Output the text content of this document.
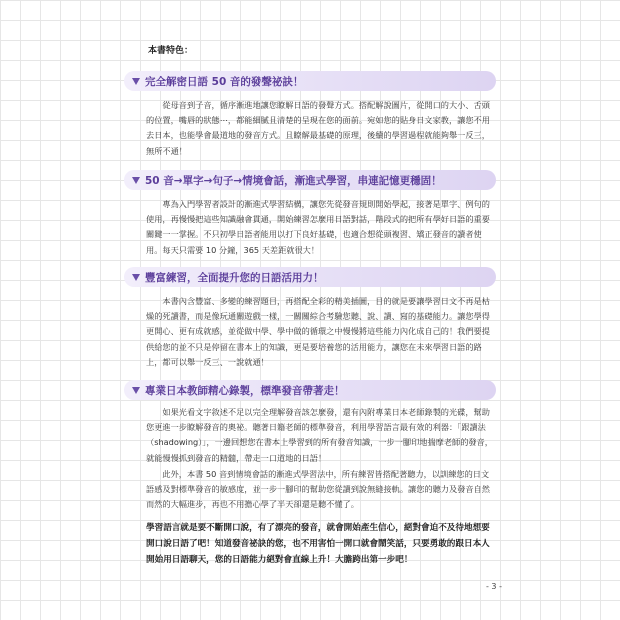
本書特色：
完全解密日語 50 音的發聲祕訣！

從母音到子音，循序漸進地讓您瞭解日語的發聲方式。搭配解說圖片，從開口的大小、舌頭的位置，嘴唇的狀態⋯，都能細膩且清楚的呈現在您的面前。宛如您的貼身日文家教，讓您不用去日本，也能學會最道地的發音方式。且瞭解最基礎的原理，後續的學習過程就能夠舉一反三，無所不通！

50 音→單字→句子→情境會話，漸進式學習，串連記憶更穩固！

專為入門學習者設計的漸進式學習結構，讓您先從發音規則開始學起，接著是單字、例句的使用，再慢慢把這些知識融會貫通，開始練習怎麼用日語對話，階段式的把所有學好日語的重要關鍵一一掌握。不只初學日語者能用以打下良好基礎，也適合想從頭複習、矯正發音的讀者使用。每天只需要 10 分鐘，365 天差距就很大！

豐富練習，全面提升您的日語活用力！

本書內含豐富、多變的練習題目，再搭配全彩的精美插圖，目的就是要讓學習日文不再是枯燥的死讀書，而是像玩通關遊戲一樣，一關關綜合考驗您聽、說、讀、寫的基礎能力。讓您學得更開心、更有成就感，並從做中學、學中做的循環之中慢慢將這些能力內化成自己的！我們要提供給您的並不只是停留在書本上的知識，更是要培養您的活用能力，讓您在未來學習日語的路上，都可以舉一反三、一說就通！

專業日本教師精心錄製，標準發音帶著走！

如果光看文字敘述不足以完全理解發音該怎麼發，還有內附專業日本老師錄製的光碟，幫助您更進一步瞭解發音的奧祕。聽著日籍老師的標準發音，利用學習語言最有效的利器：「跟讀法（shadowing）」，一邊回想您在書本上學習到的所有發音知識，一步一腳印地揣摩老師的發音，就能慢慢抓到發音的精髓，帶走一口道地的日語！

此外，本書 50 音到情境會話的漸進式學習法中，所有練習皆搭配著聽力，以訓練您的日文語感及對標準發音的敏感度，並一步一腳印的幫助您從讀到說無縫接軌。讓您的聽力及發音自然而然的大幅進步，再也不用擔心學了半天卻還是聽不懂了。

學習語言就是要不斷開口說，有了漂亮的發音，就會開始產生信心，絕對會迫不及待地想要開口說日語了吧！知道發音祕訣的您，也不用害怕一開口就會鬧笑話，只要勇敢的跟日本人開始用日語聊天，您的日語能力絕對會直線上升！大膽跨出第一步吧！

- 3 -
